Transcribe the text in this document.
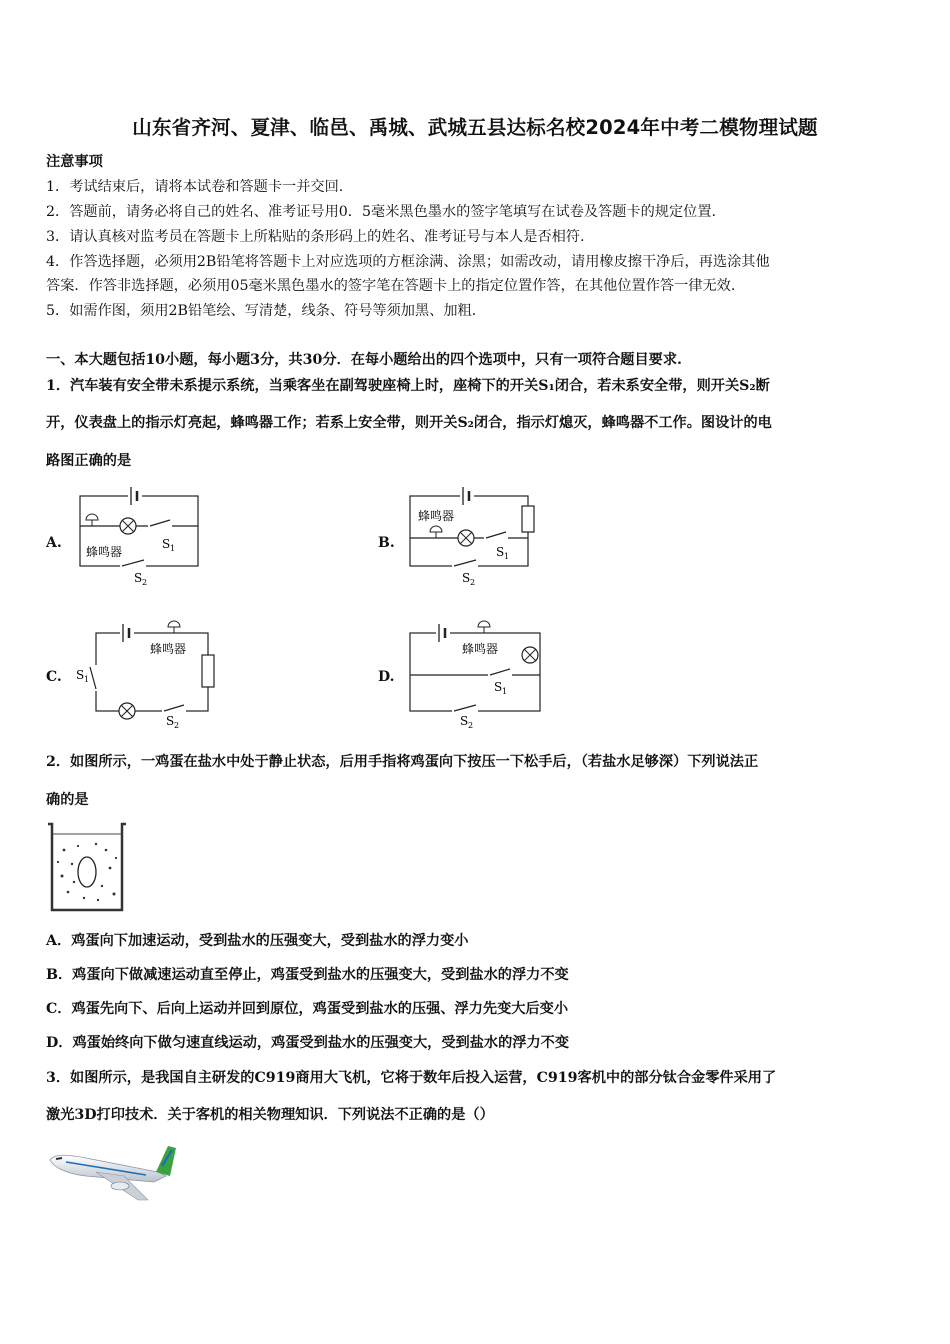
山东省齐河、夏津、临邑、禹城、武城五县达标名校2024年中考二模物理试题
注意事项
1．考试结束后，请将本试卷和答题卡一并交回.
2．答题前，请务必将自己的姓名、准考证号用0．5毫米黑色墨水的签字笔填写在试卷及答题卡的规定位置.
3．请认真核对监考员在答题卡上所粘贴的条形码上的姓名、准考证号与本人是否相符.
4．作答选择题，必须用2B铅笔将答题卡上对应选项的方框涂满、涂黑；如需改动，请用橡皮擦干净后，再选涂其他
答案．作答非选择题，必须用05毫米黑色墨水的签字笔在答题卡上的指定位置作答，在其他位置作答一律无效.
5．如需作图，须用2B铅笔绘、写清楚，线条、符号等须加黑、加粗.
一、本大题包括10小题，每小题3分，共30分．在每小题给出的四个选项中，只有一项符合题目要求.
1．汽车装有安全带未系提示系统，当乘客坐在副驾驶座椅上时，座椅下的开关S₁闭合，若未系安全带，则开关S₂断
开，仪表盘上的指示灯亮起，蜂鸣器工作；若系上安全带，则开关S₂闭合，指示灯熄灭，蜂鸣器不工作。图设计的电
路图正确的是
A.	B.
C.	D.
蜂鸣器
S 1
S 2
蜂鸣器
S 1
S 2
蜂鸣器
S 1
S 2
蜂鸣器
S 1
S 2
2．如图所示，一鸡蛋在盐水中处于静止状态，后用手指将鸡蛋向下按压一下松手后，（若盐水足够深）下列说法正
确的是
A．鸡蛋向下加速运动，受到盐水的压强变大，受到盐水的浮力变小
B．鸡蛋向下做减速运动直至停止，鸡蛋受到盐水的压强变大，受到盐水的浮力不变
C．鸡蛋先向下、后向上运动并回到原位，鸡蛋受到盐水的压强、浮力先变大后变小
D．鸡蛋始终向下做匀速直线运动，鸡蛋受到盐水的压强变大，受到盐水的浮力不变
3．如图所示，是我国自主研发的C919商用大飞机，它将于数年后投入运营，C919客机中的部分钛合金零件采用了
激光3D打印技术．关于客机的相关物理知识．下列说法不正确的是（）
